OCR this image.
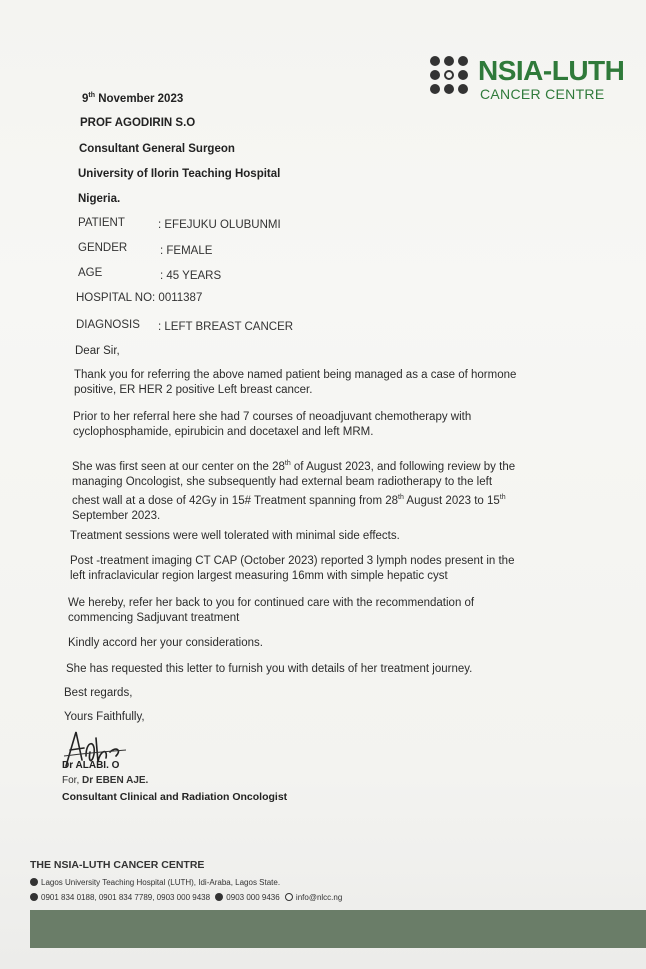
NSIA-LUTH
CANCER CENTRE
9th November 2023
PROF AGODIRIN S.O
Consultant General Surgeon
University of Ilorin Teaching Hospital
Nigeria.
PATIENT	: EFEJUKU OLUBUNMI
GENDER	: FEMALE
AGE	: 45 YEARS
HOSPITAL NO: 0011387
DIAGNOSIS : LEFT BREAST CANCER
Dear Sir,
Thank you for referring the above named patient being managed as a case of hormone
positive, ER HER 2 positive Left breast cancer.
Prior to her referral here she had 7 courses of neoadjuvant chemotherapy with
cyclophosphamide, epirubicin and docetaxel and left MRM.
She was first seen at our center on the 28th of August 2023, and following review by the
managing Oncologist, she subsequently had external beam radiotherapy to the left
chest wall at a dose of 42Gy in 15# Treatment spanning from 28th August 2023 to 15th
September 2023.
Treatment sessions were well tolerated with minimal side effects.
Post -treatment imaging CT CAP (October 2023) reported 3 lymph nodes present in the
left infraclavicular region largest measuring 16mm with simple hepatic cyst
We hereby, refer her back to you for continued care with the recommendation of
commencing Sadjuvant treatment
Kindly accord her your considerations.
She has requested this letter to furnish you with details of her treatment journey.
Best regards,
Yours Faithfully,
Dr ALABI. O
For, Dr EBEN AJE.
Consultant Clinical and Radiation Oncologist
THE NSIA-LUTH CANCER CENTRE
Lagos University Teaching Hospital (LUTH), Idi-Araba, Lagos State.
0901 834 0188, 0901 834 7789, 0903 000 9438 0903 000 9436 info@nlcc.ng
